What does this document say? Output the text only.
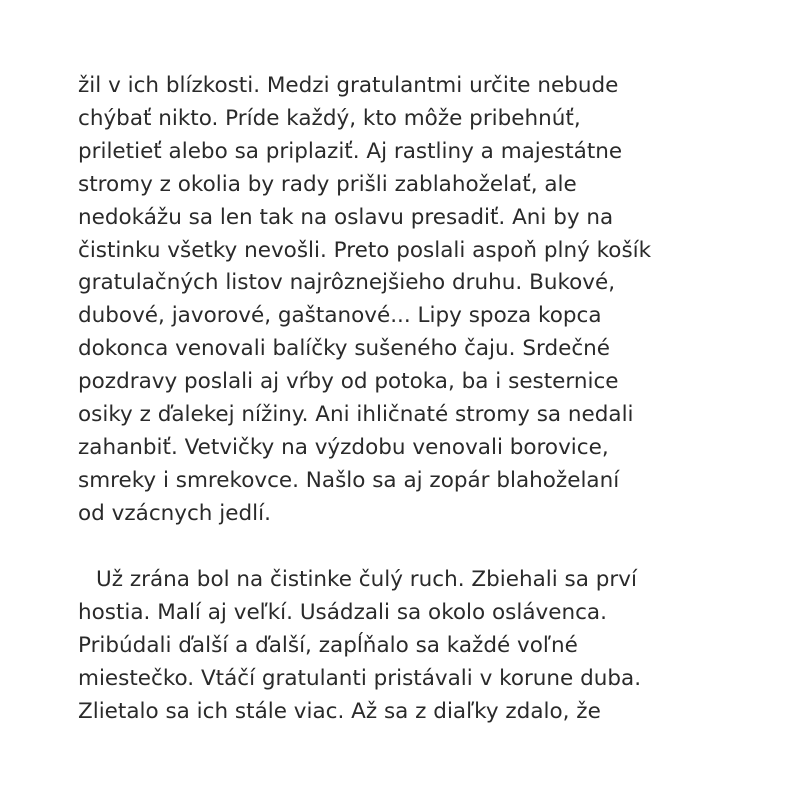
žil v ich blízkosti. Medzi gratulantmi určite nebude
chýbať nikto. Príde každý, kto môže pribehnúť,
priletieť alebo sa priplaziť. Aj rastliny a majestátne
stromy z okolia by rady prišli zablahoželať, ale
nedokážu sa len tak na oslavu presadiť. Ani by na
čistinku všetky nevošli. Preto poslali aspoň plný košík
gratulačných listov najrôznejšieho druhu. Bukové,
dubové, javorové, gaštanové... Lipy spoza kopca
dokonca venovali balíčky sušeného čaju. Srdečné
pozdravy poslali aj vŕby od potoka, ba i sesternice
osiky z ďalekej nížiny. Ani ihličnaté stromy sa nedali
zahanbiť. Vetvičky na výzdobu venovali borovice,
smreky i smrekovce. Našlo sa aj zopár blahoželaní
od vzácnych jedlí.

Už zrána bol na čistinke čulý ruch. Zbiehali sa prví
hostia. Malí aj veľkí. Usádzali sa okolo oslávenca.
Pribúdali ďalší a ďalší, zapĺňalo sa každé voľné
miestečko. Vtáčí gratulanti pristávali v korune duba.
Zlietalo sa ich stále viac. Až sa z diaľky zdalo, že
